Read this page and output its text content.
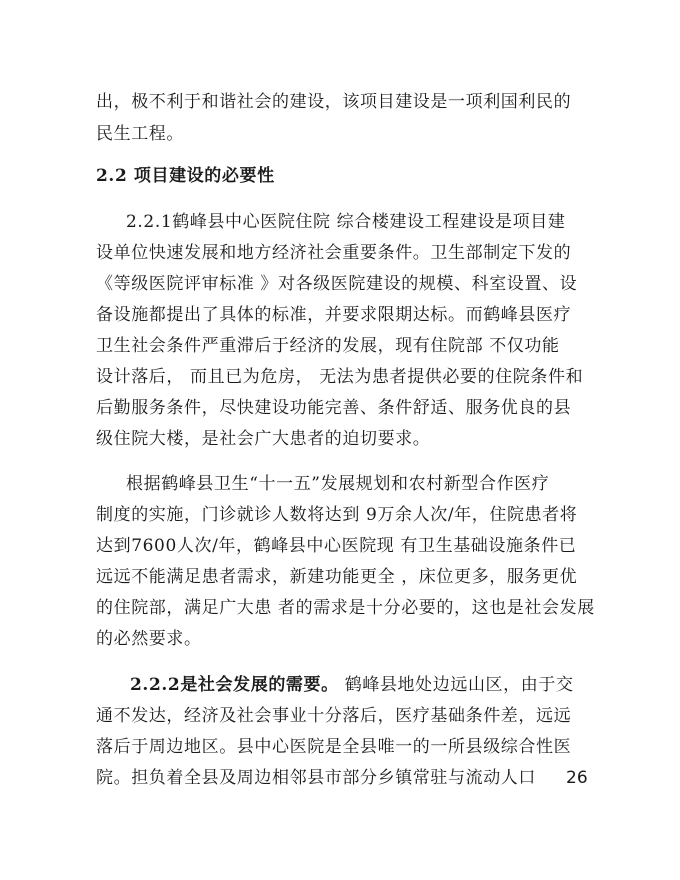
出，极不利于和谐社会的建设，该项目建设是一项利国利民的
民生工程。
2.2 项目建设的必要性
2.2.1鹤峰县中心医院住院 综合楼建设工程建设是项目建
设单位快速发展和地方经济社会重要条件。卫生部制定下发的
《等级医院评审标准 》对各级医院建设的规模、科室设置、设
备设施都提出了具体的标准，并要求限期达标。而鹤峰县医疗
卫生社会条件严重滞后于经济的发展，现有住院部 不仅功能
设计落后， 而且已为危房， 无法为患者提供必要的住院条件和
后勤服务条件，尽快建设功能完善、条件舒适、服务优良的县
级住院大楼，是社会广大患者的迫切要求。
根据鹤峰县卫生“十一五”发展规划和农村新型合作医疗
制度的实施，门诊就诊人数将达到 9万余人次/年，住院患者将
达到7600人次/年，鹤峰县中心医院现 有卫生基础设施条件已
远远不能满足患者需求，新建功能更全 ，床位更多，服务更优
的住院部，满足广大患 者的需求是十分必要的，这也是社会发展
的必然要求。
2.2.2是社会发展的需要。 鹤峰县地处边远山区，由于交
通不发达，经济及社会事业十分落后，医疗基础条件差，远远
落后于周边地区。县中心医院是全县唯一的一所县级综合性医
院。担负着全县及周边相邻县市部分乡镇常驻与流动人口 26
